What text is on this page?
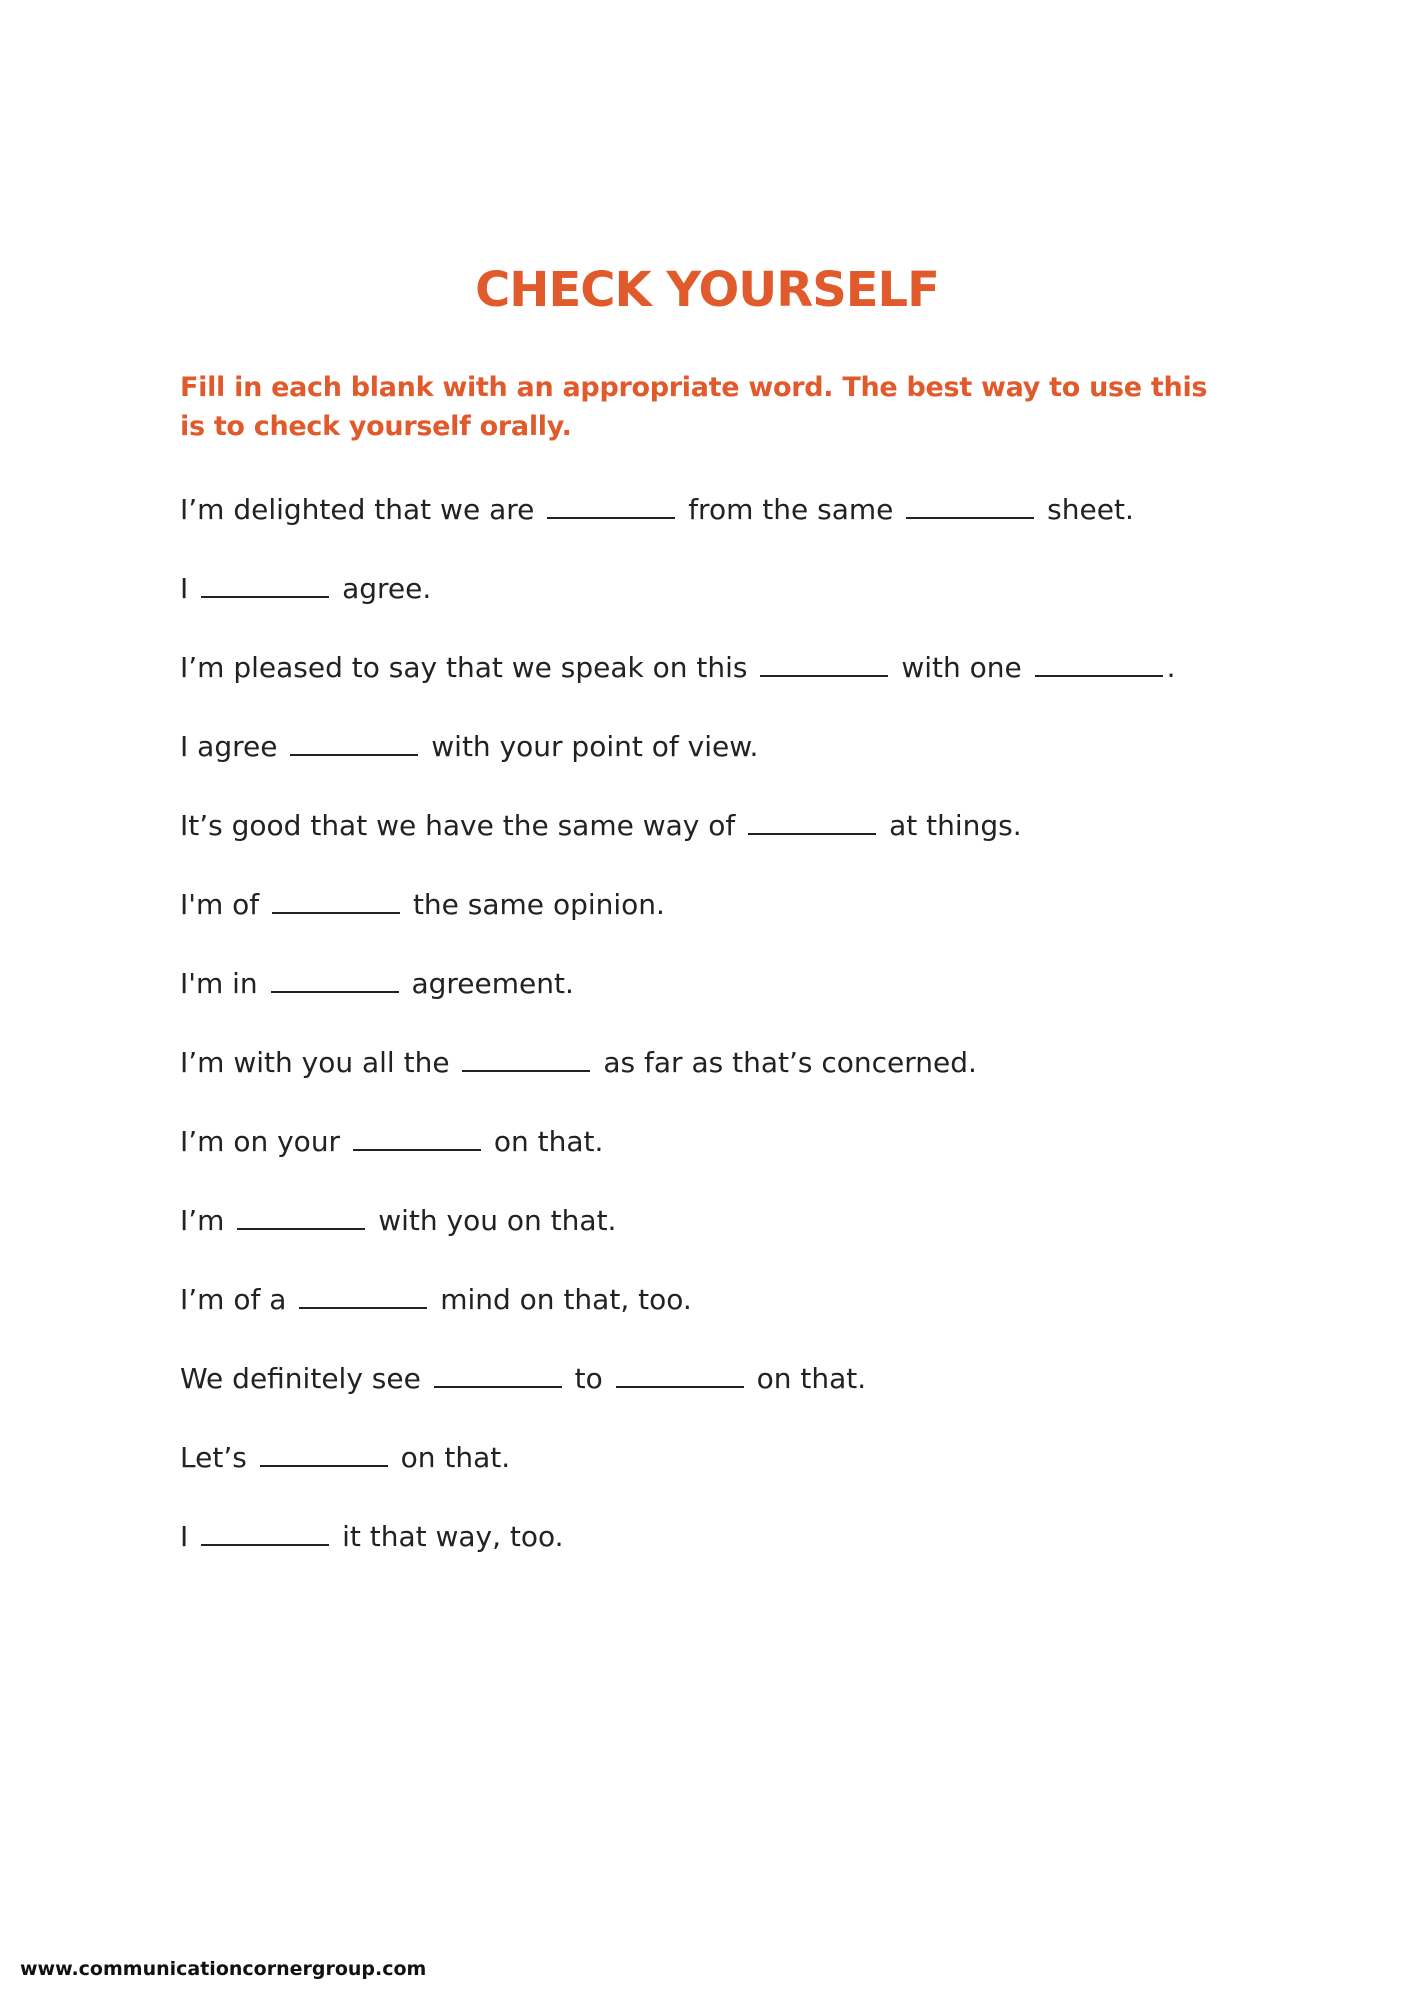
CHECK YOURSELF

Fill in each blank with an appropriate word. The best way to use this is to check yourself orally.

I’m delighted that we are	from the same	sheet.
I	agree.
I’m pleased to say that we speak on this	with one	.
I agree	with your point of view.
It’s good that we have the same way of	at things.
I'm of	the same opinion.
I'm in	agreement.
I’m with you all the	as far as that’s concerned.
I’m on your	on that.
I’m	with you on that.
I’m of a	mind on that, too.
We definitely see	to	on that.
Let’s	on that.
I	it that way, too.

www.communicationcornergroup.com
